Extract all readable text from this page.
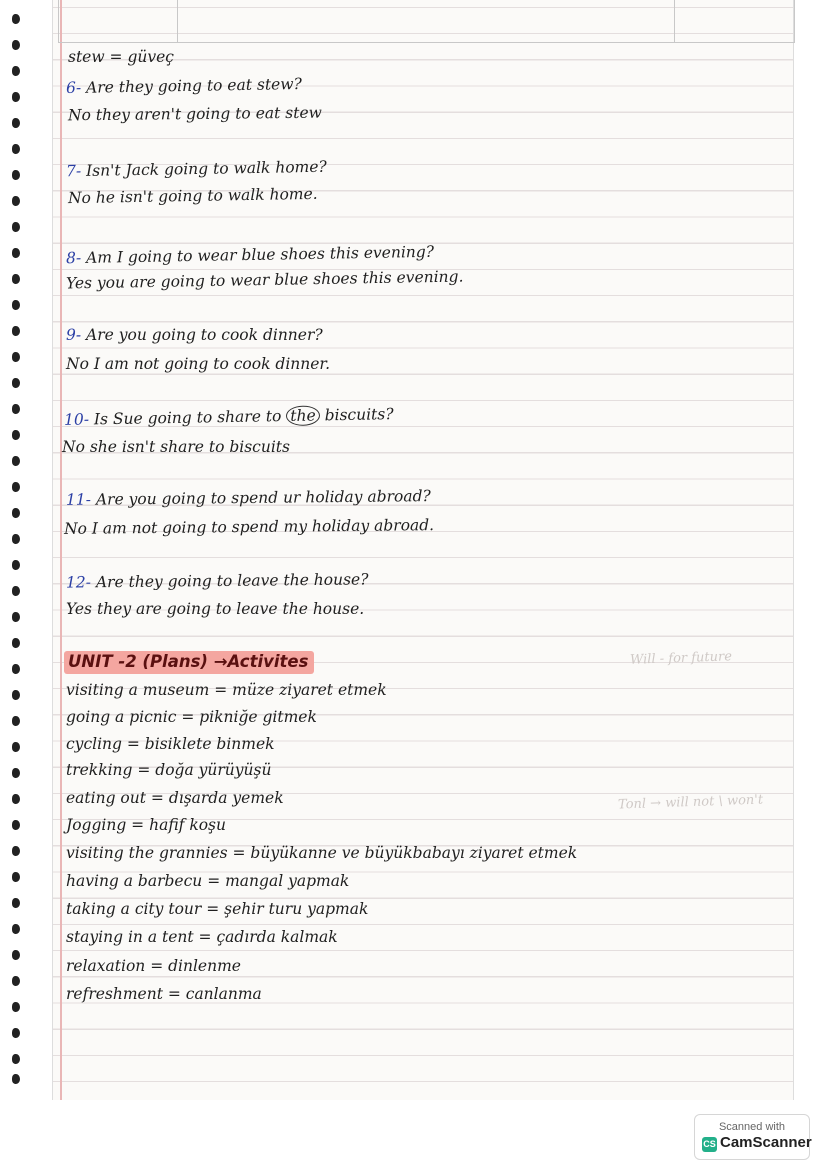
Will - for future
Tonl → will not \ won't
stew = güveç
6- Are they going to eat stew?
No they aren't going to eat stew
7- Isn't Jack going to walk home?
No he isn't going to walk home.
8- Am I going to wear blue shoes this evening?
Yes you are going to wear blue shoes this evening.
9- Are you going to cook dinner?
No I am not going to cook dinner.
10- Is Sue going to share to the biscuits?
No she isn't share to biscuits
11- Are you going to spend ur holiday abroad?
No I am not going to spend my holiday abroad.
12- Are they going to leave the house?
Yes they are going to leave the house.
UNIT -2 (Plans) →Activites
visiting a museum = müze ziyaret etmek
going a picnic = pikniğe gitmek
cycling = bisiklete binmek
trekking = doğa yürüyüşü
eating out = dışarda yemek
Jogging = hafif koşu
visiting the grannies = büyükanne ve büyükbabayı ziyaret etmek
having a barbecu = mangal yapmak
taking a city tour = şehir turu yapmak
staying in a tent = çadırda kalmak
relaxation = dinlenme
refreshment = canlanma
Scanned with
CS CamScanner
